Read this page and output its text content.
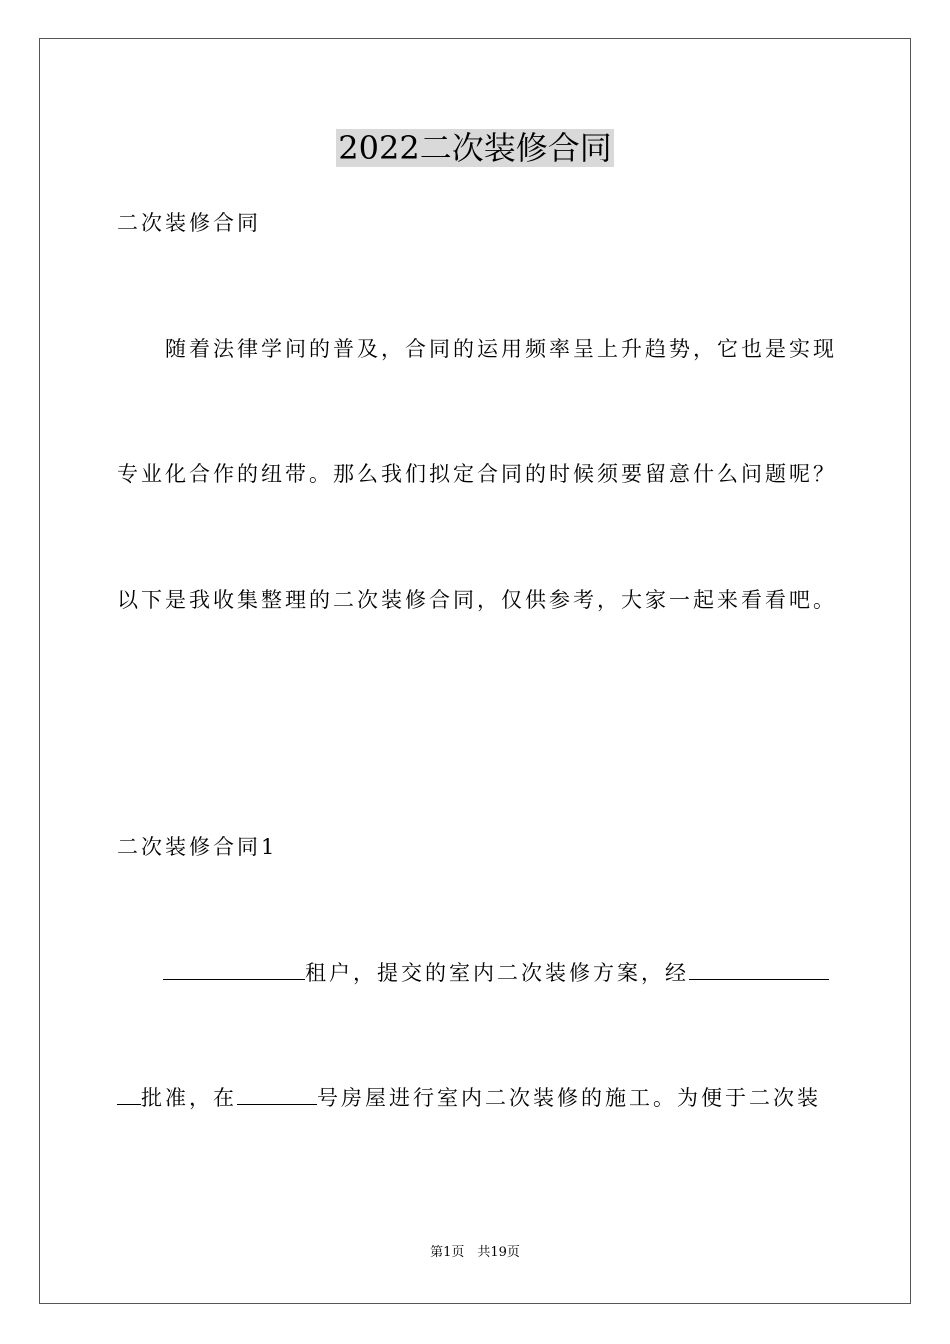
2022二次装修合同
二次装修合同
随着法律学问的普及，合同的运用频率呈上升趋势，它也是实现
专业化合作的纽带。那么我们拟定合同的时候须要留意什么问题呢？
以下是我收集整理的二次装修合同，仅供参考，大家一起来看看吧。
二次装修合同1
租户，提交的室内二次装修方案，经
批准，在	号房屋进行室内二次装修的施工。为便于二次装
第1页　共19页
